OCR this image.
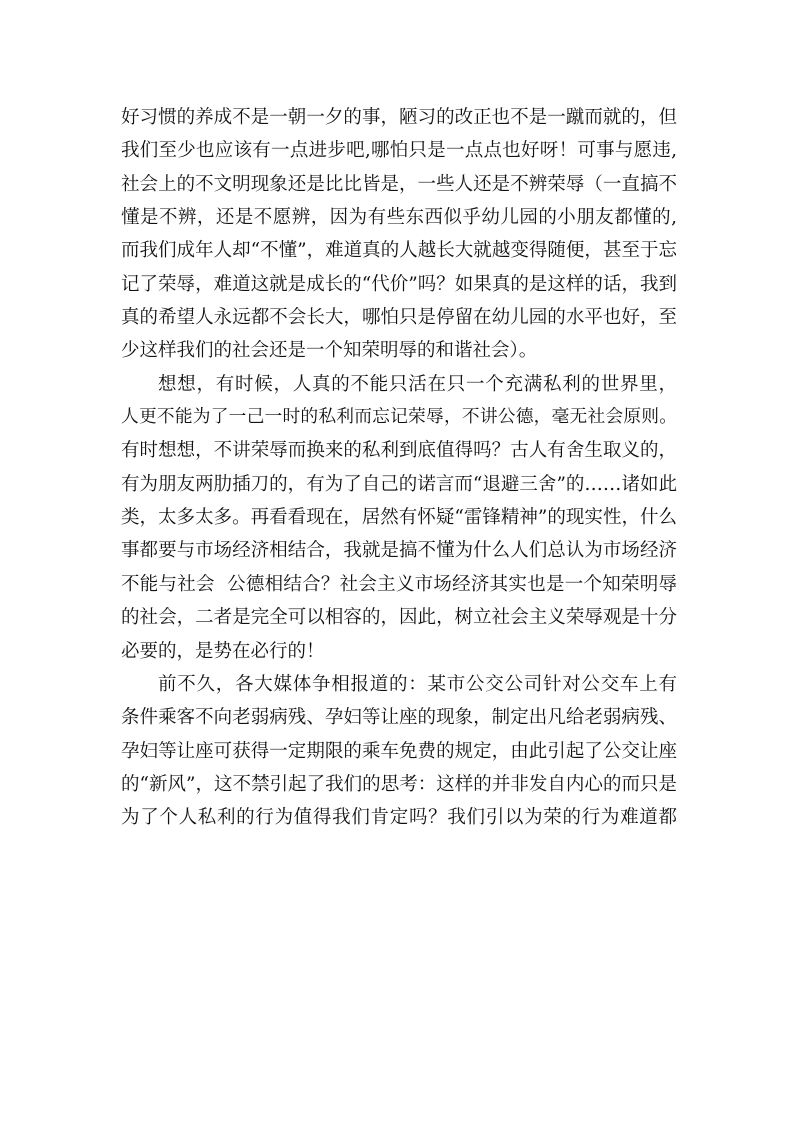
好习惯的养成不是一朝一夕的事，陋习的改正也不是一蹴而就的，但
我们至少也应该有一点进步吧,哪怕只是一点点也好呀！可事与愿违,
社会上的不文明现象还是比比皆是，一些人还是不辨荣辱（一直搞不
懂是不辨，还是不愿辨，因为有些东西似乎幼儿园的小朋友都懂的,
而我们成年人却“不懂”，难道真的人越长大就越变得随便，甚至于忘
记了荣辱，难道这就是成长的“代价”吗？如果真的是这样的话，我到
真的希望人永远都不会长大，哪怕只是停留在幼儿园的水平也好，至
少这样我们的社会还是一个知荣明辱的和谐社会）。
想想，有时候，人真的不能只活在只一个充满私利的世界里，
人更不能为了一己一时的私利而忘记荣辱，不讲公德，毫无社会原则。
有时想想，不讲荣辱而换来的私利到底值得吗？古人有舍生取义的，
有为朋友两肋插刀的，有为了自己的诺言而“退避三舍”的……诸如此
类，太多太多。再看看现在，居然有怀疑“雷锋精神”的现实性，什么
事都要与市场经济相结合，我就是搞不懂为什么人们总认为市场经济
不能与社会  公德相结合？社会主义市场经济其实也是一个知荣明辱
的社会，二者是完全可以相容的，因此，树立社会主义荣辱观是十分
必要的，是势在必行的！
前不久，各大媒体争相报道的：某市公交公司针对公交车上有
条件乘客不向老弱病残、孕妇等让座的现象，制定出凡给老弱病残、
孕妇等让座可获得一定期限的乘车免费的规定，由此引起了公交让座
的“新风”，这不禁引起了我们的思考：这样的并非发自内心的而只是
为了个人私利的行为值得我们肯定吗？我们引以为荣的行为难道都
